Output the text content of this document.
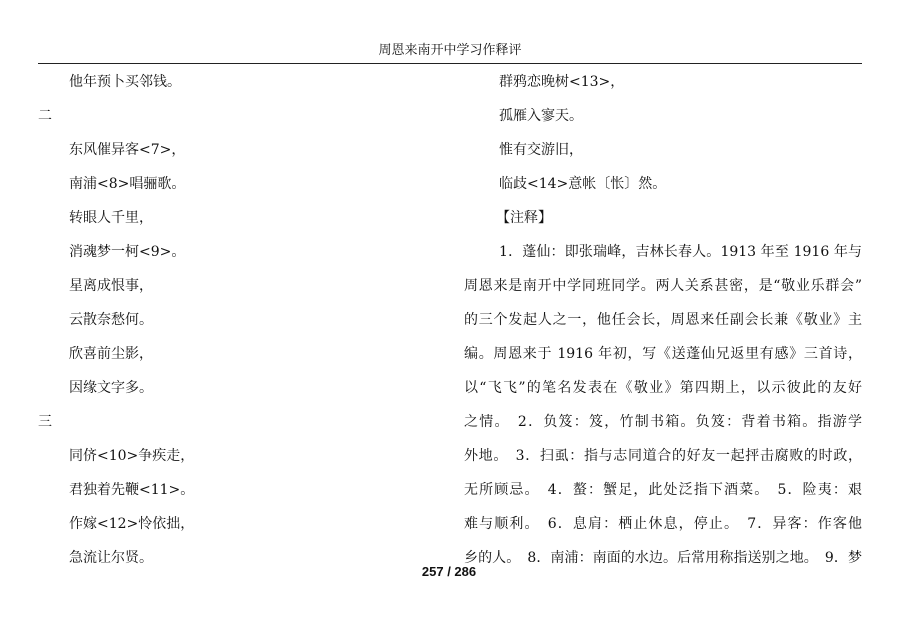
周恩来南开中学习作释评
他年预卜买邻钱。
二
东风催异客<7>，
南浦<8>唱骊歌。
转眼人千里，
消魂梦一柯<9>。
星离成恨事，
云散奈愁何。
欣喜前尘影，
因缘文字多。
三
同侪<10>争疾走，
君独着先鞭<11>。
作嫁<12>怜依拙，
急流让尔贤。
群鸦恋晚树<13>，
孤雁入寥天。
惟有交游旧，
临歧<14>意帐〔怅〕然。
【注释】
1．蓬仙：即张瑞峰，吉林长春人。1913 年至 1916 年与
周恩来是南开中学同班同学。两人关系甚密，是“敬业乐群会”
的三个发起人之一，他任会长，周恩来任副会长兼《敬业》主
编。周恩来于 1916 年初，写《送蓬仙兄返里有感》三首诗，
以“飞飞”的笔名发表在《敬业》第四期上，以示彼此的友好
之情。　2．负笈：笈，竹制书箱。负笈：背着书箱。指游学
外地。　3．扫虱：指与志同道合的好友一起抨击腐败的时政，
无所顾忌。　4．螯：蟹足，此处泛指下酒菜。　5．险夷：艰
难与顺利。　6．息肩：栖止休息，停止。　7．异客：作客他
乡的人。　8．南浦：南面的水边。后常用称指送别之地。　9．梦
257 / 286
